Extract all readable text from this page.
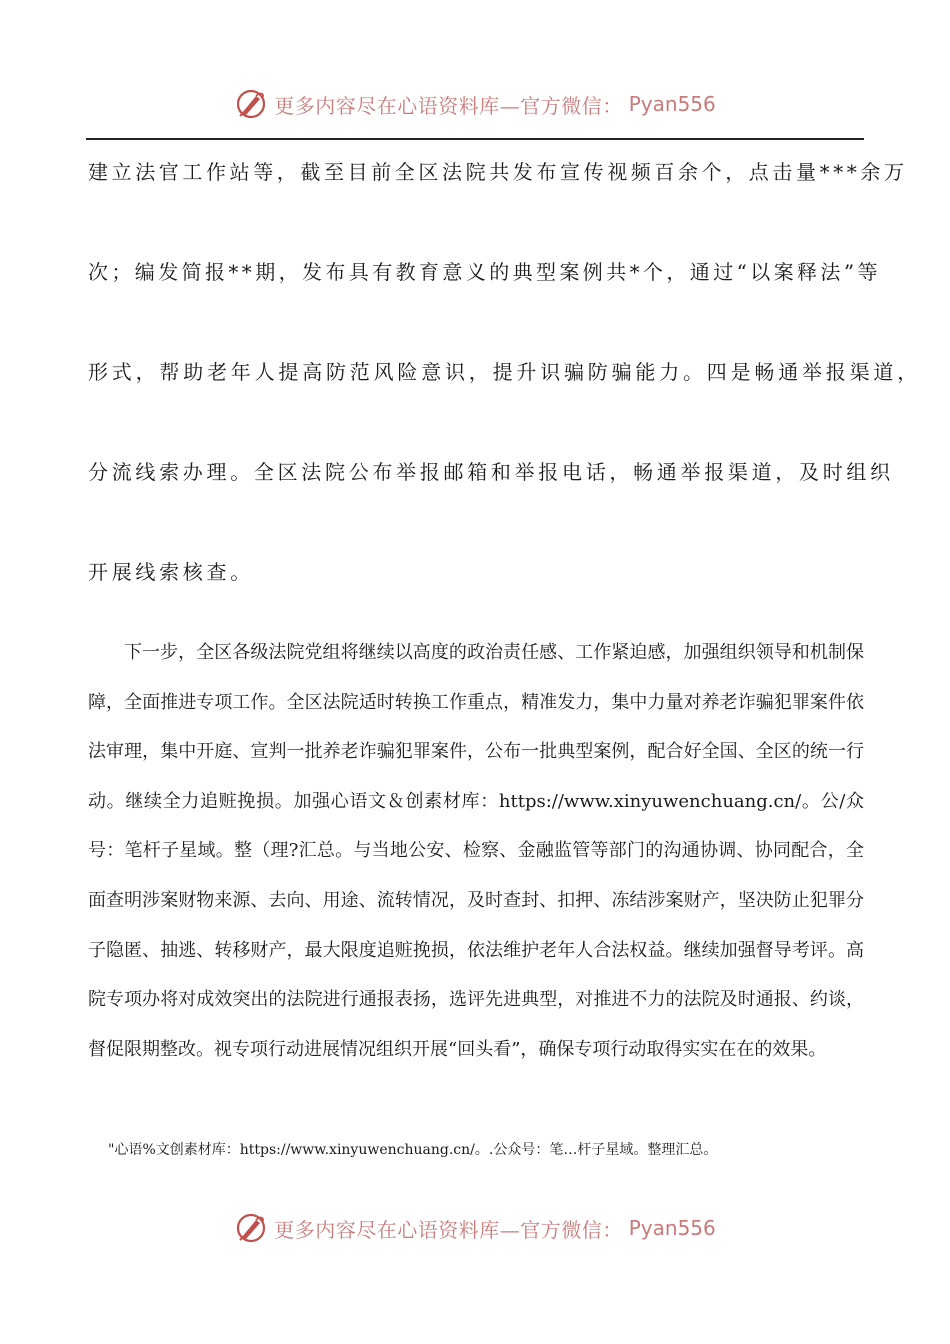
更多内容尽在心语资料库—官方微信： Pyan556
建立法官工作站等，截至目前全区法院共发布宣传视频百余个，点击量***余万
次；编发简报**期，发布具有教育意义的典型案例共*个，通过“以案释法”等
形式，帮助老年人提高防范风险意识，提升识骗防骗能力。四是畅通举报渠道，
分流线索办理。全区法院公布举报邮箱和举报电话，畅通举报渠道，及时组织
开展线索核查。
下一步，全区各级法院党组将继续以高度的政治责任感、工作紧迫感，加强组织领导和机制保障，全面推进专项工作。全区法院适时转换工作重点，精准发力，集中力量对养老诈骗犯罪案件依法审理，集中开庭、宣判一批养老诈骗犯罪案件，公布一批典型案例，配合好全国、全区的统一行动。继续全力追赃挽损。加强心语文＆创素材库：https://www.xinyuwenchuang.cn/。公/众号：笔杆子星域。整（理?汇总。与当地公安、检察、金融监管等部门的沟通协调、协同配合，全面查明涉案财物来源、去向、用途、流转情况，及时查封、扣押、冻结涉案财产，坚决防止犯罪分子隐匿、抽逃、转移财产，最大限度追赃挽损，依法维护老年人合法权益。继续加强督导考评。高院专项办将对成效突出的法院进行通报表扬，选评先进典型，对推进不力的法院及时通报、约谈，督促限期整改。视专项行动进展情况组织开展“回头看”，确保专项行动取得实实在在的效果。
"心语%文创素材库：https://www.xinyuwenchuang.cn/。.公众号：笔…杆子星域。整理汇总。
更多内容尽在心语资料库—官方微信： Pyan556
